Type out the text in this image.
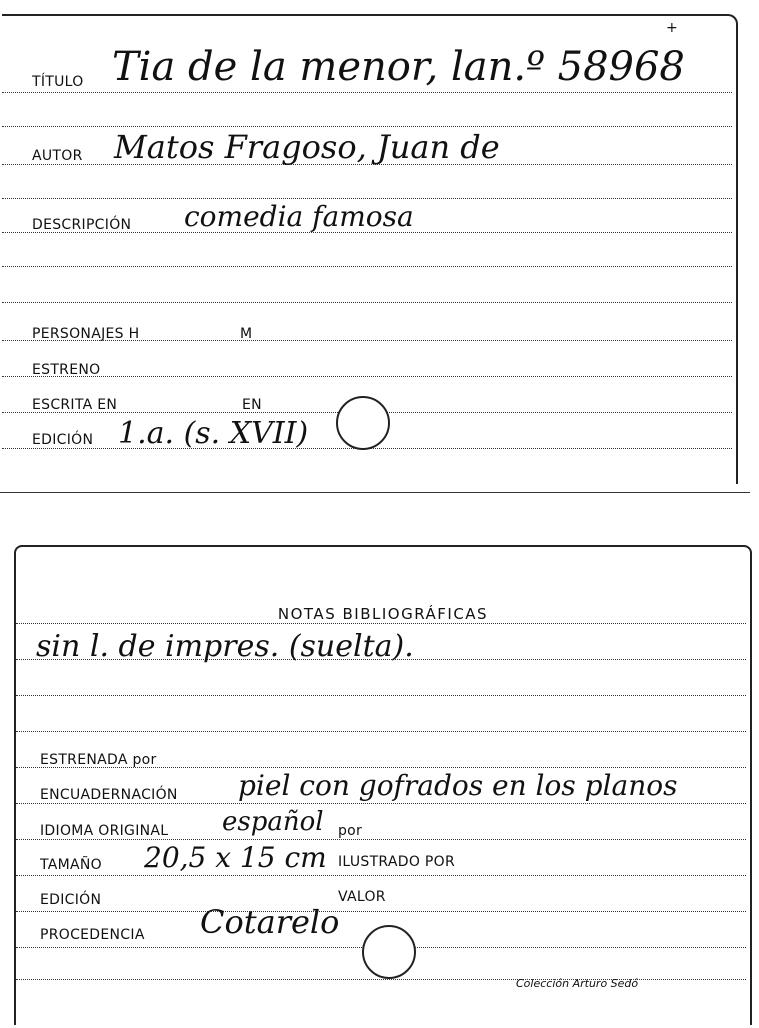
+
TÍTULO Tia de la menor, lan.º 58968
AUTOR Matos Fragoso, Juan de
DESCRIPCIÓN comedia famosa
PERSONAJES H	M
ESTRENO
ESCRITA EN	EN
EDICIÓN 1.a. (s. XVII)
NOTAS BIBLIOGRÁFICAS
sin l. de impres. (suelta).
ESTRENADA por
ENCUADERNACIÓN piel con gofrados en los planos
IDIOMA ORIGINAL español por
TAMAÑO 20,5 x 15 cm ILUSTRADO POR
EDICIÓN	VALOR
PROCEDENCIA Cotarelo
Colección Arturo Sedó
